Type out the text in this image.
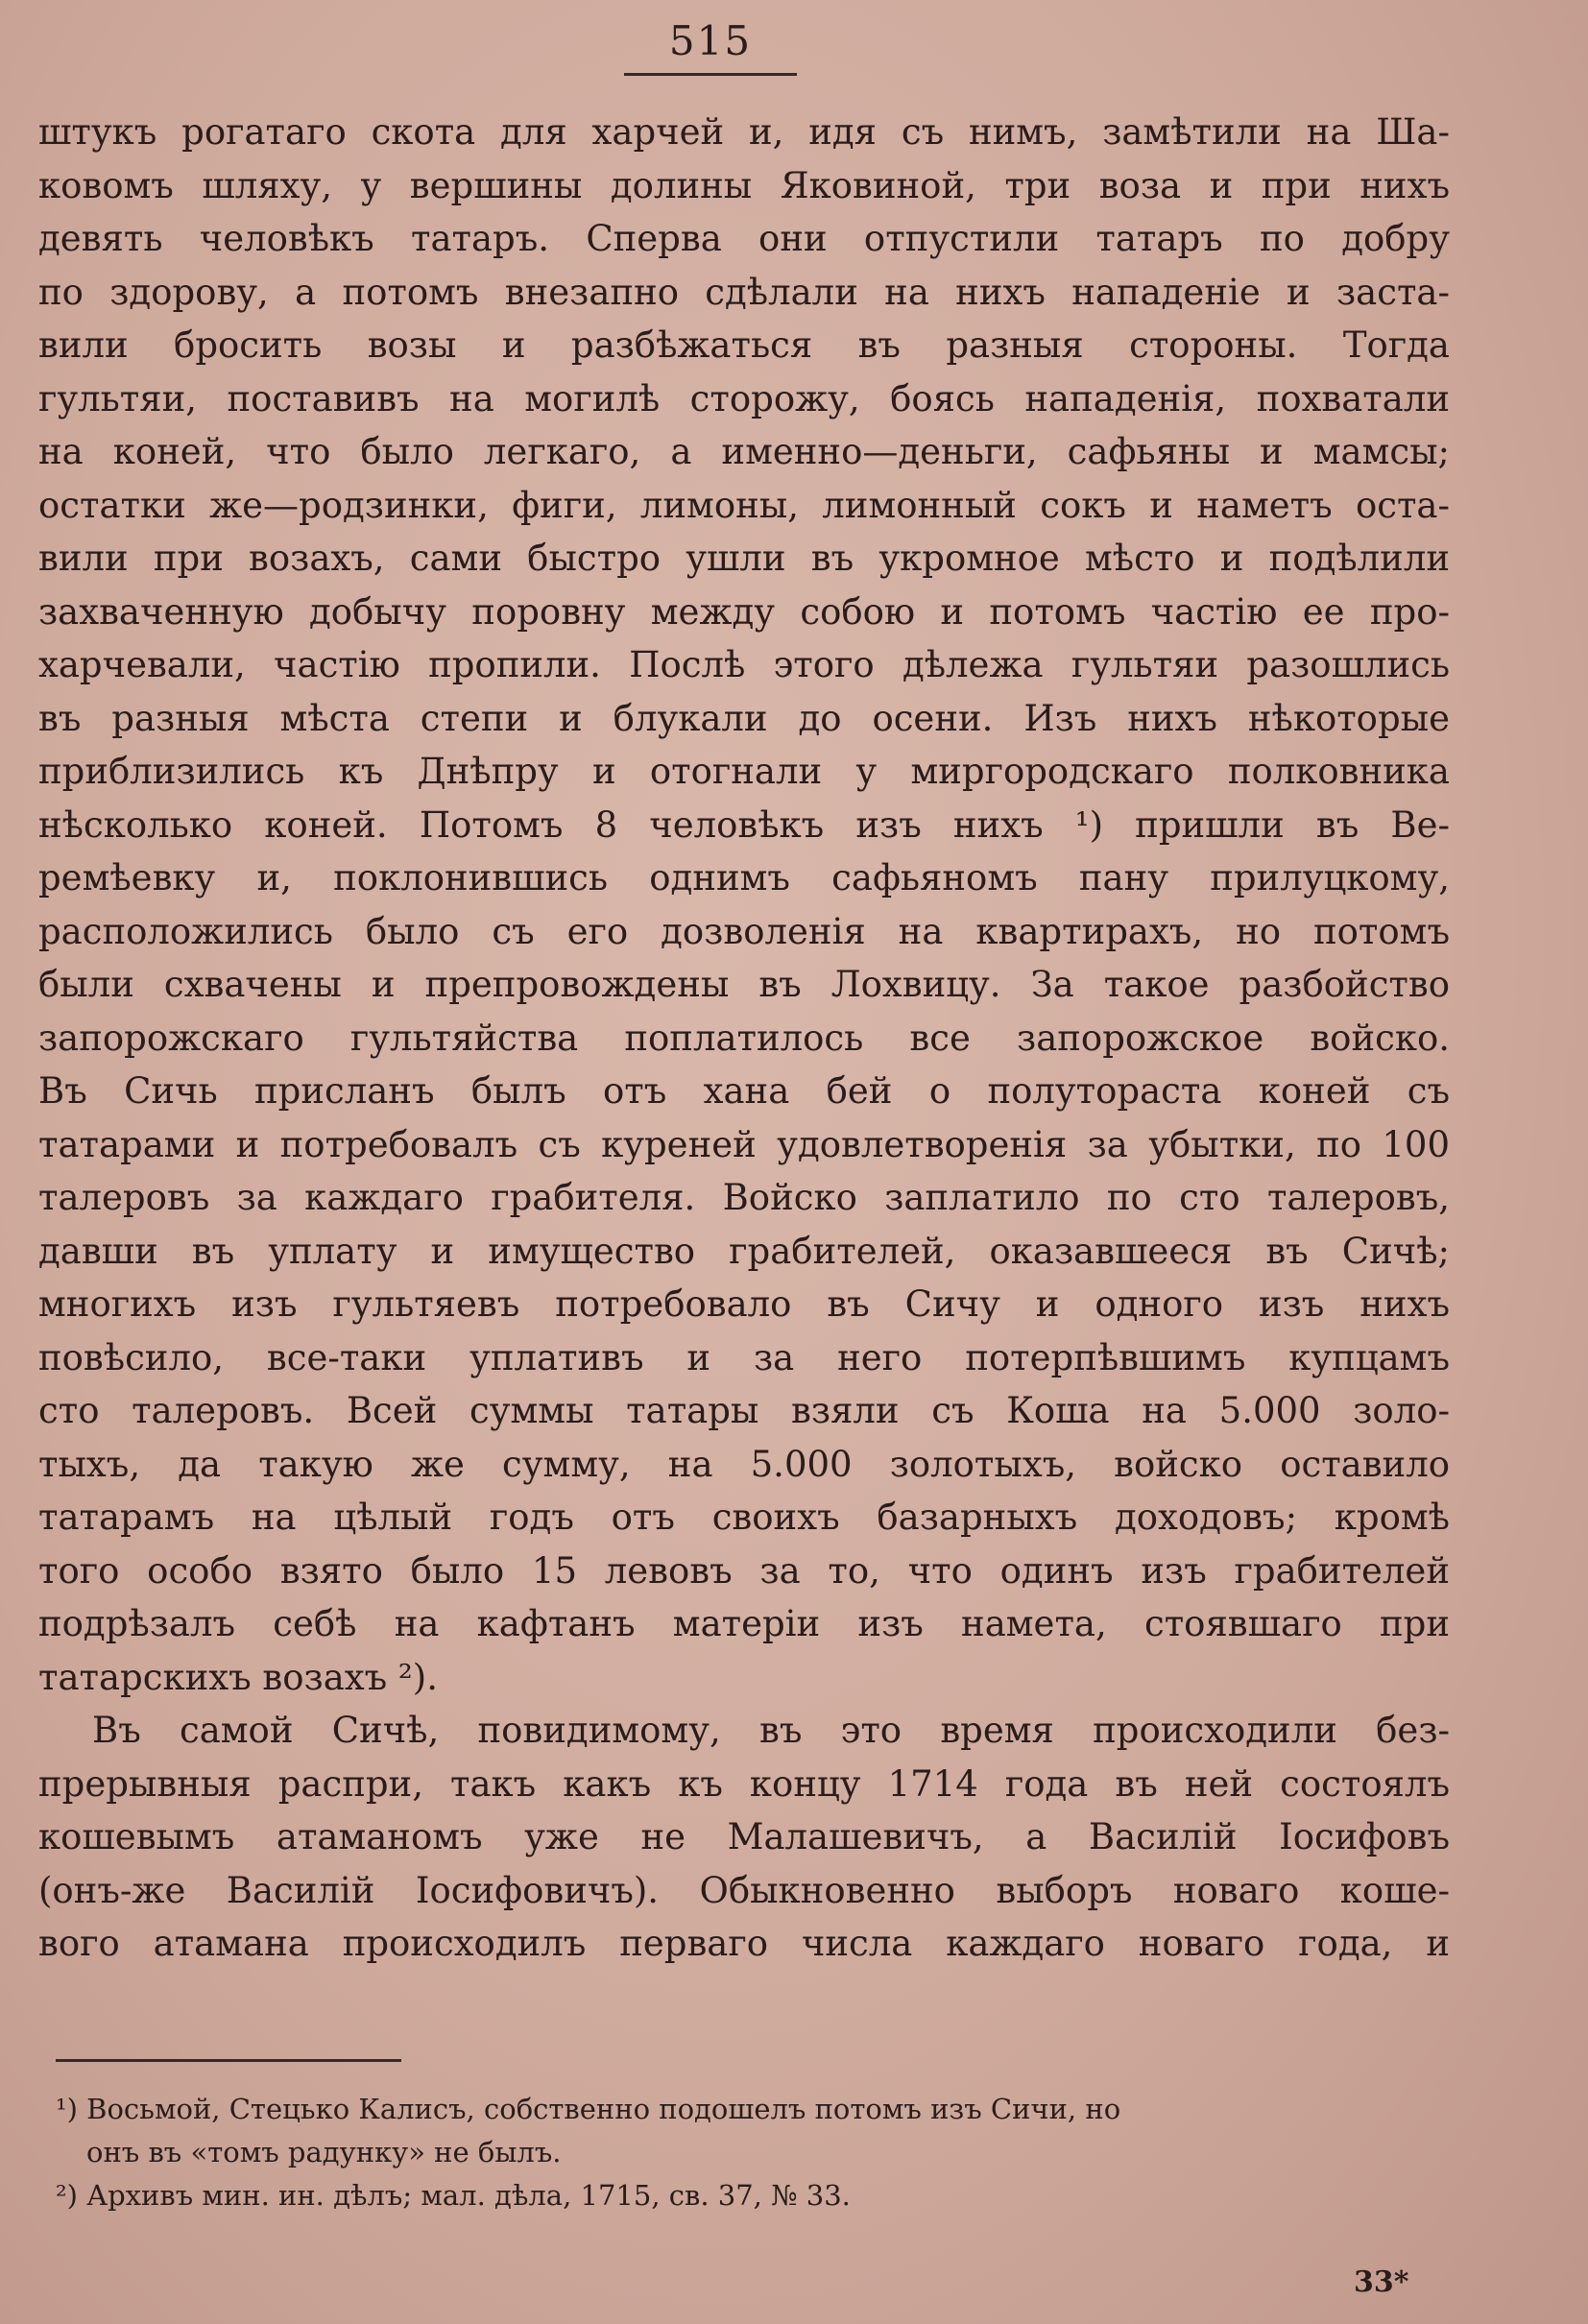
515
штукъ рогатаго скота для харчей и, идя съ нимъ, замѣтили на Ша-
ковомъ шляху, у вершины долины Яковиной, три воза и при нихъ
девять человѣкъ татаръ. Сперва они отпустили татаръ по добру
по здорову, а потомъ внезапно сдѣлали на нихъ нападеніе и заста-
вили бросить возы и разбѣжаться въ разныя стороны. Тогда
гультяи, поставивъ на могилѣ сторожу, боясь нападенія, похватали
на коней, что было легкаго, а именно—деньги, сафьяны и мамсы;
остатки же—родзинки, фиги, лимоны, лимонный сокъ и наметъ оста-
вили при возахъ, сами быстро ушли въ укромное мѣсто и подѣлили
захваченную добычу поровну между собою и потомъ частію ее про-
харчевали, частію пропили. Послѣ этого дѣлежа гультяи разошлись
въ разныя мѣста степи и блукали до осени. Изъ нихъ нѣкоторые
приблизились къ Днѣпру и отогнали у миргородскаго полковника
нѣсколько коней. Потомъ 8 человѣкъ изъ нихъ ¹) пришли въ Ве-
ремѣевку и, поклонившись однимъ сафьяномъ пану прилуцкому,
расположились было съ его дозволенія на квартирахъ, но потомъ
были схвачены и препровождены въ Лохвицу. За такое разбойство
запорожскаго гультяйства поплатилось все запорожское войско.
Въ Сичь присланъ былъ отъ хана бей о полутораста коней съ
татарами и потребовалъ съ куреней удовлетворенія за убытки, по 100
талеровъ за каждаго грабителя. Войско заплатило по сто талеровъ,
давши въ уплату и имущество грабителей, оказавшееся въ Сичѣ;
многихъ изъ гультяевъ потребовало въ Сичу и одного изъ нихъ
повѣсило, все-таки уплативъ и за него потерпѣвшимъ купцамъ
сто талеровъ. Всей суммы татары взяли съ Коша на 5.000 золо-
тыхъ, да такую же сумму, на 5.000 золотыхъ, войско оставило
татарамъ на цѣлый годъ отъ своихъ базарныхъ доходовъ; кромѣ
того особо взято было 15 левовъ за то, что одинъ изъ грабителей
подрѣзалъ себѣ на кафтанъ матеріи изъ намета, стоявшаго при
татарскихъ возахъ ²).
Въ самой Сичѣ, повидимому, въ это время происходили без-
прерывныя распри, такъ какъ къ концу 1714 года въ ней состоялъ
кошевымъ атаманомъ уже не Малашевичъ, а Василій Іосифовъ
(онъ-же Василій Іосифовичъ). Обыкновенно выборъ новаго коше-
вого атамана происходилъ перваго числа каждаго новаго года, и
¹) Восьмой, Стецько Калисъ, собственно подошелъ потомъ изъ Сичи, но
онъ въ «томъ радунку» не былъ.
²) Архивъ мин. ин. дѣлъ; мал. дѣла, 1715, св. 37, № 33.
33*
